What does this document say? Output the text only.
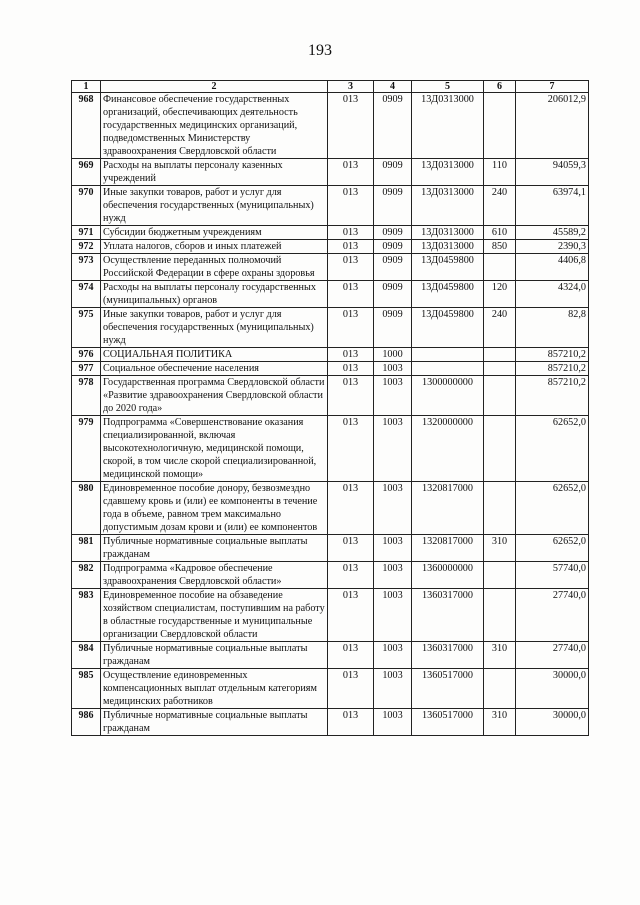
193
1	2	3	4	5	6	7
968	Финансовое обеспечение государственных организаций, обеспечивающих деятельность государственных медицинских организаций, подведомственных Министерству здравоохранения Свердловской области	013	0909	13Д0313000		206012,9
969	Расходы на выплаты персоналу казенных учреждений	013	0909	13Д0313000	110	94059,3
970	Иные закупки товаров, работ и услуг для обеспечения государственных (муниципальных) нужд	013	0909	13Д0313000	240	63974,1
971	Субсидии бюджетным учреждениям	013	0909	13Д0313000	610	45589,2
972	Уплата налогов, сборов и иных платежей	013	0909	13Д0313000	850	2390,3
973	Осуществление переданных полномочий Российской Федерации в сфере охраны здоровья	013	0909	13Д0459800		4406,8
974	Расходы на выплаты персоналу государственных (муниципальных) органов	013	0909	13Д0459800	120	4324,0
975	Иные закупки товаров, работ и услуг для обеспечения государственных (муниципальных) нужд	013	0909	13Д0459800	240	82,8
976	СОЦИАЛЬНАЯ ПОЛИТИКА	013	1000			857210,2
977	Социальное обеспечение населения	013	1003			857210,2
978	Государственная программа Свердловской области «Развитие здравоохранения Свердловской области до 2020 года»	013	1003	1300000000		857210,2
979	Подпрограмма «Совершенствование оказания специализированной, включая высокотехнологичную, медицинской помощи, скорой, в том числе скорой специализированной, медицинской помощи»	013	1003	1320000000		62652,0
980	Единовременное пособие донору, безвозмездно сдавшему кровь и (или) ее компоненты в течение года в объеме, равном трем максимально допустимым дозам крови и (или) ее компонентов	013	1003	1320817000		62652,0
981	Публичные нормативные социальные выплаты гражданам	013	1003	1320817000	310	62652,0
982	Подпрограмма «Кадровое обеспечение здравоохранения Свердловской области»	013	1003	1360000000		57740,0
983	Единовременное пособие на обзаведение хозяйством специалистам, поступившим на работу в областные государственные и муниципальные организации Свердловской области	013	1003	1360317000		27740,0
984	Публичные нормативные социальные выплаты гражданам	013	1003	1360317000	310	27740,0
985	Осуществление единовременных компенсационных выплат отдельным категориям медицинских работников	013	1003	1360517000		30000,0
986	Публичные нормативные социальные выплаты гражданам	013	1003	1360517000	310	30000,0
